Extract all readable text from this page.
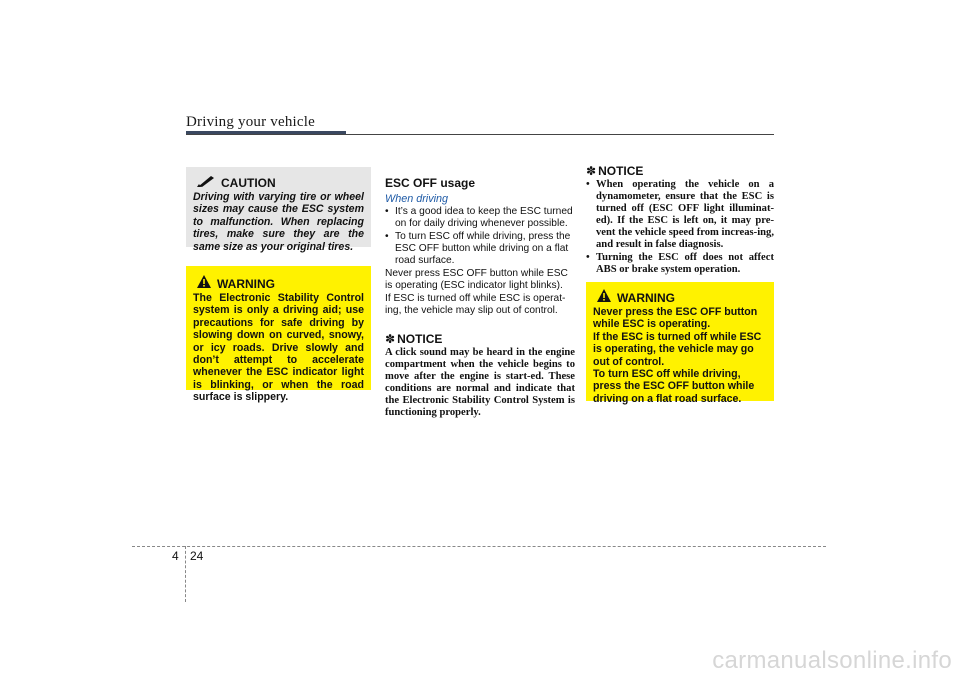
Driving your vehicle
CAUTION
Driving with varying tire or wheel sizes may cause the ESC system to malfunction. When replacing tires, make sure they are the same size as your original tires.
WARNING
The Electronic Stability Control system is only a driving aid; use precautions for safe driving by slowing down on curved, snowy, or icy roads. Drive slowly and don’t attempt to accelerate whenever the ESC indicator light is blinking, or when the road surface is slippery.
ESC OFF usage
When driving
• It’s a good idea to keep the ESC turned on for daily driving whenever possible.
• To turn ESC off while driving, press the ESC OFF button while driving on a flat road surface.

Never press ESC OFF button while ESC is operating (ESC indicator light blinks).

If ESC is turned off while ESC is operat-ing, the vehicle may slip out of control.

✽ NOTICE

A click sound may be heard in the engine compartment when the vehicle begins to move after the engine is start-ed. These conditions are normal and indicate that the Electronic Stability Control System is functioning properly.

✽ NOTICE
• When operating the vehicle on a dynamometer, ensure that the ESC is turned off (ESC OFF light illuminat-ed). If the ESC is left on, it may pre-vent the vehicle speed from increas-ing, and result in false diagnosis.
• Turning the ESC off does not affect ABS or brake system operation.
WARNING
Never press the ESC OFF button while ESC is operating.
If the ESC is turned off while ESC is operating, the vehicle may go out of control.
To turn ESC off while driving, press the ESC OFF button while driving on a flat road surface.
4 24
carmanualsonline.info
